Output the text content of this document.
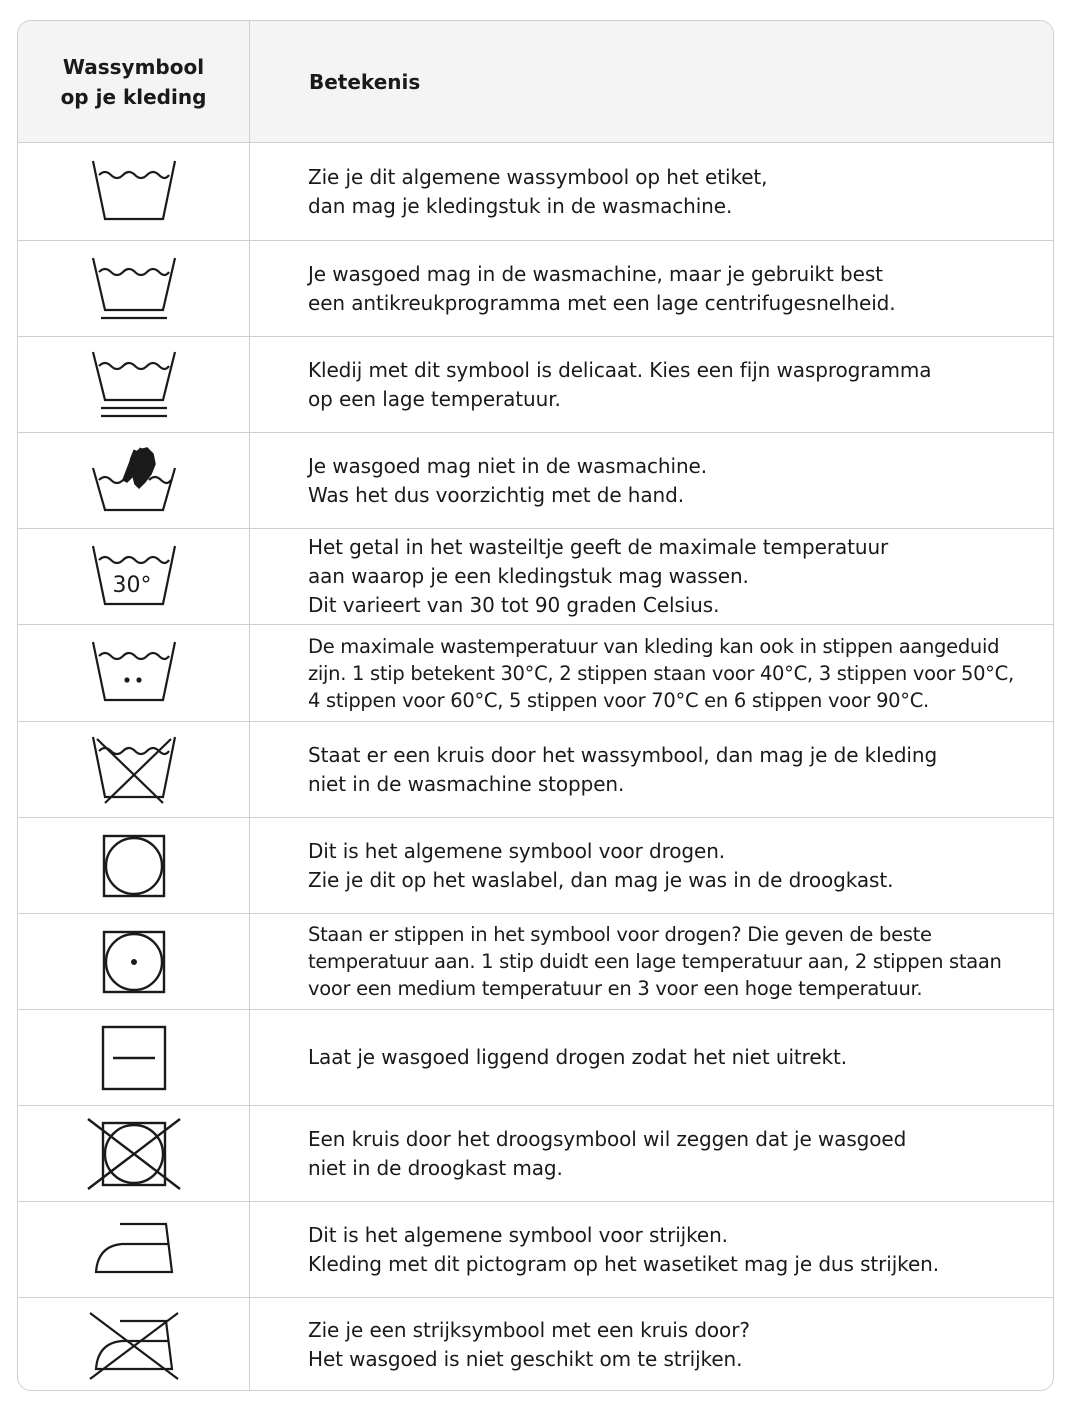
Wassymbool
op je kleding
Betekenis
Zie je dit algemene wassymbool op het etiket,
dan mag je kledingstuk in de wasmachine.
Je wasgoed mag in de wasmachine, maar je gebruikt best
een antikreukprogramma met een lage centrifugesnelheid.
Kledij met dit symbool is delicaat. Kies een fijn wasprogramma
op een lage temperatuur.
Je wasgoed mag niet in de wasmachine.
Was het dus voorzichtig met de hand.
30°
Het getal in het wasteiltje geeft de maximale temperatuur
aan waarop je een kledingstuk mag wassen.
Dit varieert van 30 tot 90 graden Celsius.
De maximale wastemperatuur van kleding kan ook in stippen aangeduid
zijn. 1 stip betekent 30°C, 2 stippen staan voor 40°C, 3 stippen voor 50°C,
4 stippen voor 60°C, 5 stippen voor 70°C en 6 stippen voor 90°C.
Staat er een kruis door het wassymbool, dan mag je de kleding
niet in de wasmachine stoppen.
Dit is het algemene symbool voor drogen.
Zie je dit op het waslabel, dan mag je was in de droogkast.
Staan er stippen in het symbool voor drogen? Die geven de beste
temperatuur aan. 1 stip duidt een lage temperatuur aan, 2 stippen staan
voor een medium temperatuur en 3 voor een hoge temperatuur.
Laat je wasgoed liggend drogen zodat het niet uitrekt.
Een kruis door het droogsymbool wil zeggen dat je wasgoed
niet in de droogkast mag.
Dit is het algemene symbool voor strijken.
Kleding met dit pictogram op het wasetiket mag je dus strijken.
Zie je een strijksymbool met een kruis door?
Het wasgoed is niet geschikt om te strijken.
